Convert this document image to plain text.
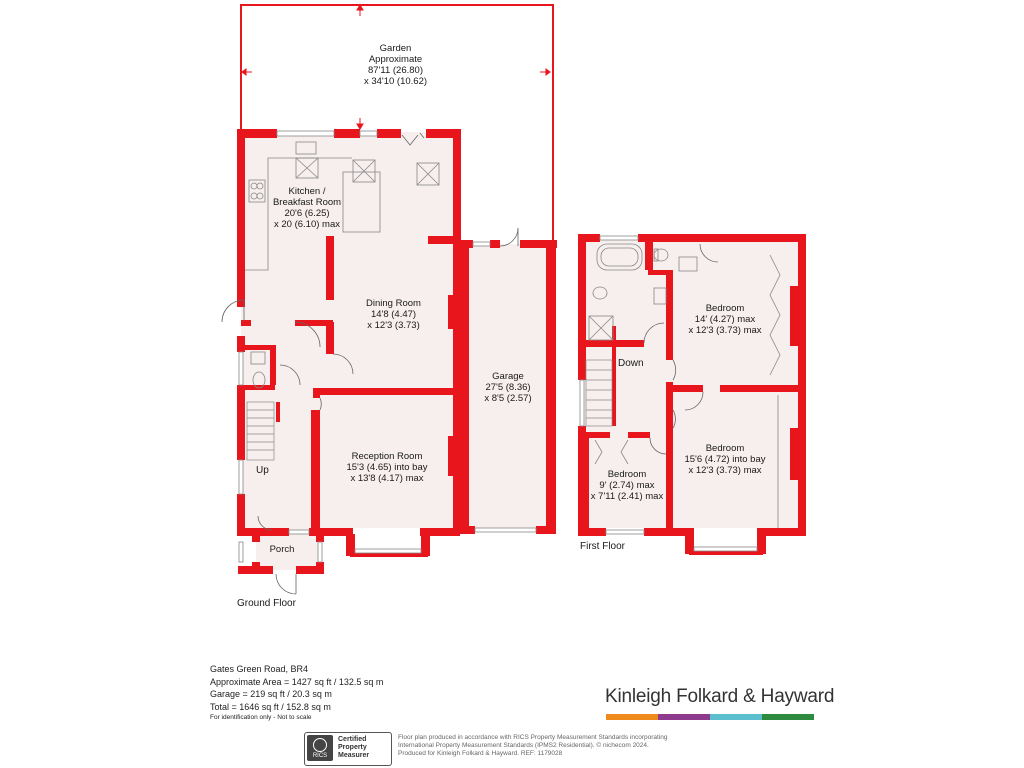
Garden
Approximate
87'11 (26.80)
x 34'10 (10.62)
Kitchen /
Breakfast Room
20'6 (6.25)
x 20 (6.10) max
Dining Room
14'8 (4.47)
x 12'3 (3.73)
Garage
27'5 (8.36)
x 8'5 (2.57)
Reception Room
15'3 (4.65) into bay
x 13'8 (4.17) max
Porch
Up
Ground Floor
Bedroom
14' (4.27) max
x 12'3 (3.73) max
Bedroom
15'6 (4.72) into bay
x 12'3 (3.73) max
Bedroom
9' (2.74) max
x 7'11 (2.41) max
Down
First Floor
Gates Green Road, BR4
Approximate Area = 1427 sq ft / 132.5 sq m
Garage = 219 sq ft / 20.3 sq m
Total = 1646 sq ft / 152.8 sq m
For identification only - Not to scale
Kinleigh Folkard & Hayward
RICS
Certified
Property
Measurer
Floor plan produced in accordance with RICS Property Measurement Standards incorporating
International Property Measurement Standards (IPMS2 Residential). © nichecom 2024.
Produced for Kinleigh Folkard & Hayward. REF: 1179028
